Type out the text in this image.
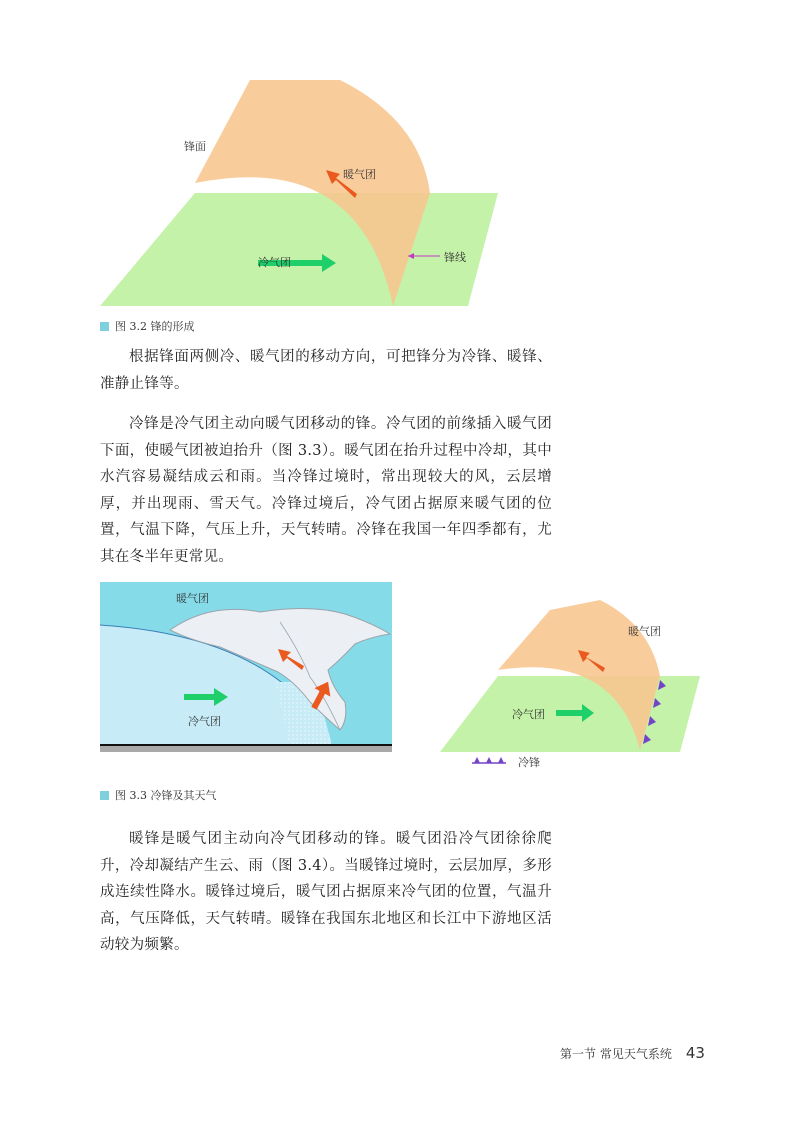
锋面
暖气团
冷气团	锋线
图 3.2 锋的形成

根据锋面两侧冷、暖气团的移动方向，可把锋分为冷锋、暖锋、准静止锋等。

冷锋是冷气团主动向暖气团移动的锋。冷气团的前缘插入暖气团下面，使暖气团被迫抬升（图 3.3）。暖气团在抬升过程中冷却，其中水汽容易凝结成云和雨。当冷锋过境时，常出现较大的风，云层增厚，并出现雨、雪天气。冷锋过境后，冷气团占据原来暖气团的位置，气温下降，气压上升，天气转晴。冷锋在我国一年四季都有，尤其在冬半年更常见。

暖气团
冷气团
图 3.3 冷锋及其天气
暖气团
冷气团
冷锋

暖锋是暖气团主动向冷气团移动的锋。暖气团沿冷气团徐徐爬升，冷却凝结产生云、雨（图 3.4）。当暖锋过境时，云层加厚，多形成连续性降水。暖锋过境后，暖气团占据原来冷气团的位置，气温升高，气压降低，天气转晴。暖锋在我国东北地区和长江中下游地区活动较为频繁。

第一节 常见天气系统 43
